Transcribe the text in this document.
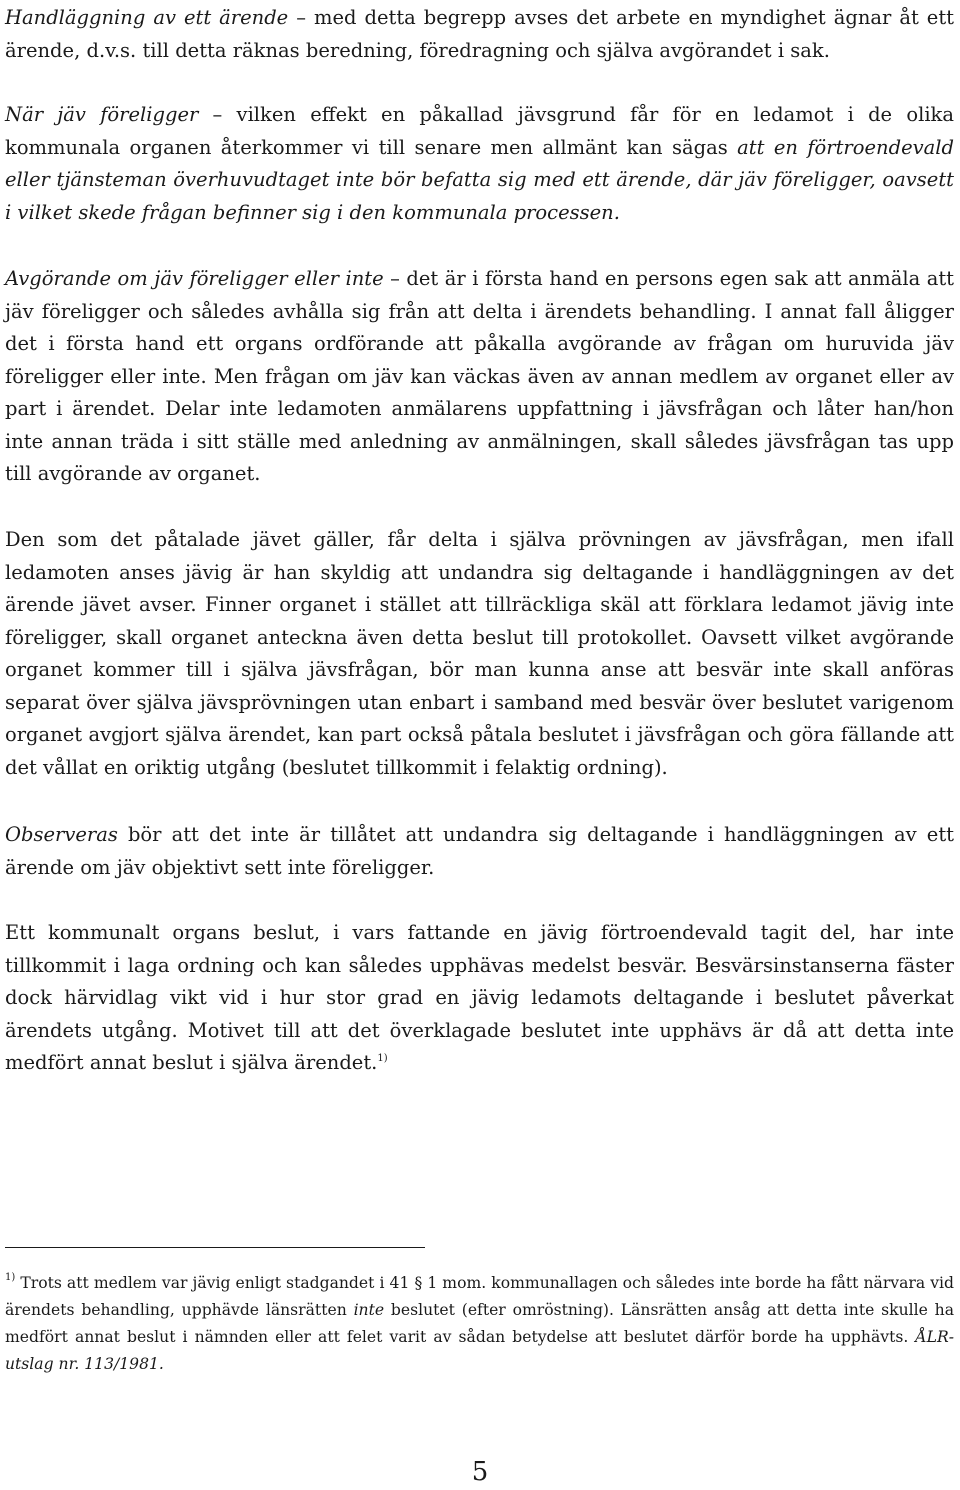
Handläggning av ett ärende – med detta begrepp avses det arbete en myndighet ägnar åt ett ärende, d.v.s. till detta räknas beredning, föredragning och själva avgörandet i sak.

När jäv föreligger – vilken effekt en påkallad jävsgrund får för en ledamot i de olika kommunala organen återkommer vi till senare men allmänt kan sägas att en förtroendevald eller tjänsteman överhuvudtaget inte bör befatta sig med ett ärende, där jäv föreligger, oavsett i vilket skede frågan befinner sig i den kommunala processen.

Avgörande om jäv föreligger eller inte – det är i första hand en persons egen sak att anmäla att jäv föreligger och således avhålla sig från att delta i ärendets behandling. I annat fall åligger det i första hand ett organs ordförande att påkalla avgörande av frågan om huruvida jäv föreligger eller inte. Men frågan om jäv kan väckas även av annan medlem av organet eller av part i ärendet. Delar inte ledamoten anmälarens uppfattning i jävsfrågan och låter han/hon inte annan träda i sitt ställe med anledning av anmälningen, skall således jävsfrågan tas upp till avgörande av organet.

Den som det påtalade jävet gäller, får delta i själva prövningen av jävsfrågan, men ifall ledamoten anses jävig är han skyldig att undandra sig deltagande i handläggningen av det ärende jävet avser. Finner organet i stället att tillräckliga skäl att förklara ledamot jävig inte föreligger, skall organet anteckna även detta beslut till protokollet. Oavsett vilket avgörande organet kommer till i själva jävsfrågan, bör man kunna anse att besvär inte skall anföras separat över själva jävsprövningen utan enbart i samband med besvär över beslutet varigenom organet avgjort själva ärendet, kan part också påtala beslutet i jävsfrågan och göra fällande att det vållat en oriktig utgång (beslutet tillkommit i felaktig ordning).

Observeras bör att det inte är tillåtet att undandra sig deltagande i handläggningen av ett ärende om jäv objektivt sett inte föreligger.

Ett kommunalt organs beslut, i vars fattande en jävig förtroendevald tagit del, har inte tillkommit i laga ordning och kan således upphävas medelst besvär. Besvärsinstanserna fäster dock härvidlag vikt vid i hur stor grad en jävig ledamots deltagande i beslutet påverkat ärendets utgång. Motivet till att det överklagade beslutet inte upphävs är då att detta inte medfört annat beslut i själva ärendet.$^{1)}$

$^{1)}$ Trots att medlem var jävig enligt stadgandet i 41 § 1 mom. kommunallagen och således inte borde ha fått närvara vid ärendets behandling, upphävde länsrätten inte beslutet (efter omröstning). Länsrätten ansåg att detta inte skulle ha medfört annat beslut i nämnden eller att felet varit av sådan betydelse att beslutet därför borde ha upphävts. ÅLR-utslag nr. 113/1981.

5
